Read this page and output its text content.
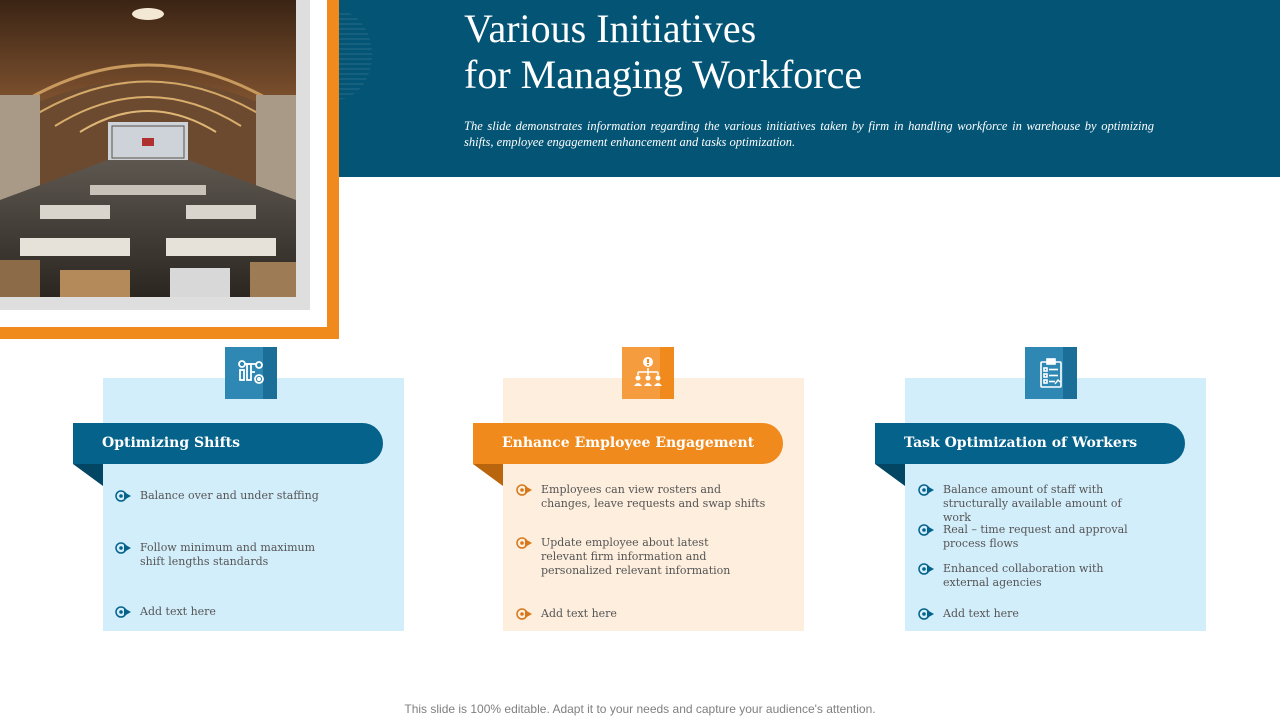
Various Initiatives
for Managing Workforce
The slide demonstrates information regarding the various initiatives taken by firm in handling workforce in warehouse by optimizing shifts, employee engagement enhancement and tasks optimization.
Optimizing Shifts
Balance over and under staffing
Follow minimum and maximum shift lengths standards
Add text here
Enhance Employee Engagement
Employees can view rosters and changes, leave requests and swap shifts
Update employee about latest relevant firm information and personalized relevant information
Add text here
Task Optimization of Workers
Balance amount of staff with structurally available amount of work
Real – time request and approval process flows
Enhanced collaboration with external agencies
Add text here
This slide is 100% editable. Adapt it to your needs and capture your audience's attention.
